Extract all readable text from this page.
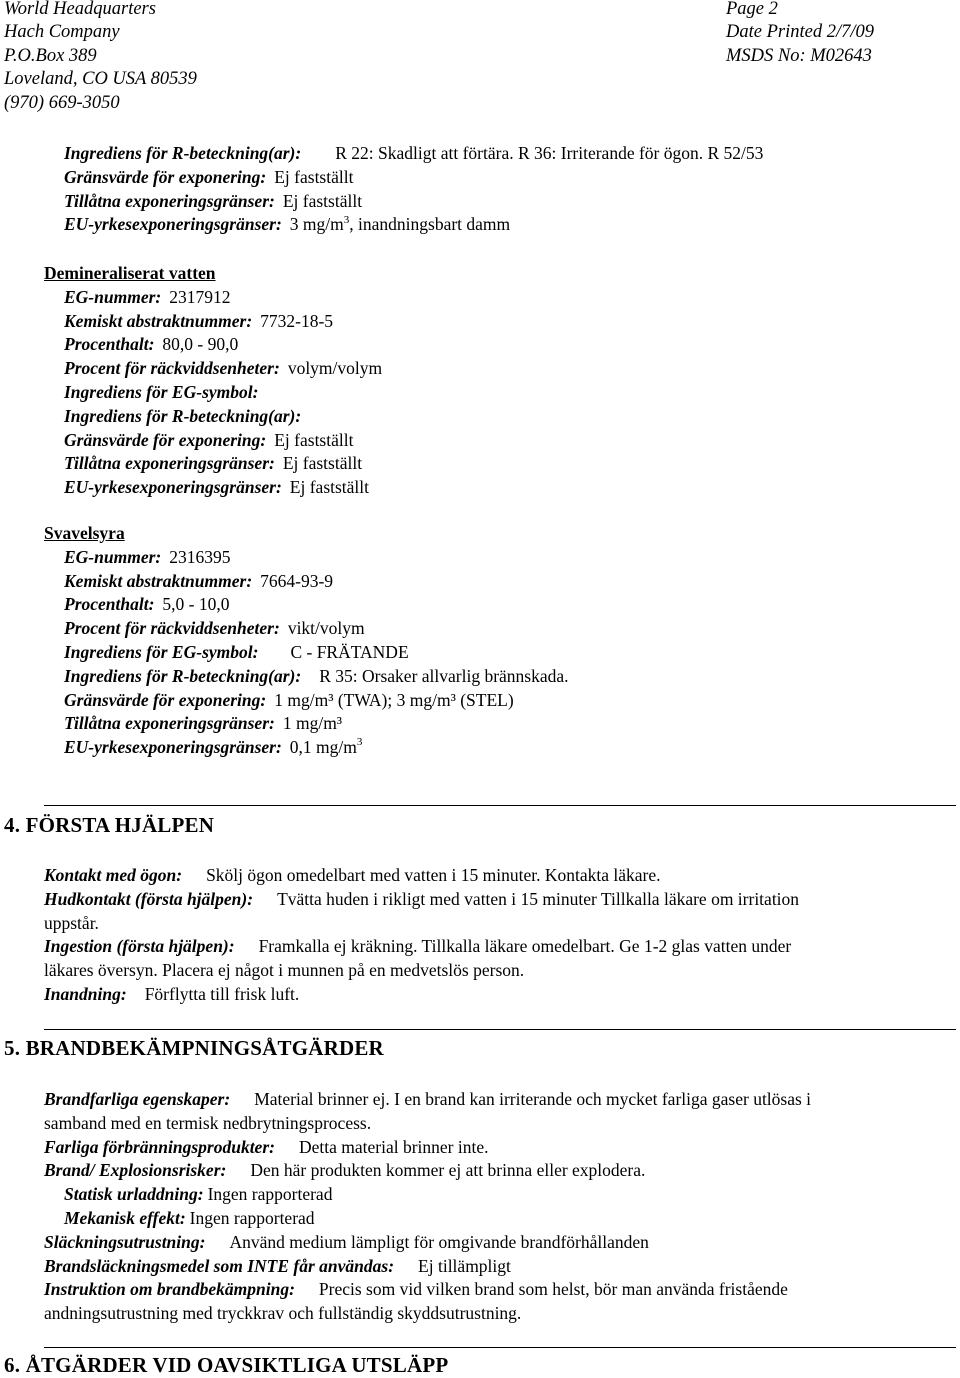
World Headquarters
Hach Company
P.O.Box 389
Loveland, CO USA 80539
(970) 669-3050
Page 2
Date Printed 2/7/09
MSDS No: M02643
Ingrediens för R-beteckning(ar): R 22: Skadligt att förtära. R 36: Irriterande för ögon. R 52/53
Gränsvärde för exponering: Ej fastställt
Tillåtna exponeringsgränser: Ej fastställt
EU-yrkesexponeringsgränser: 3 $mg/m^3$, inandningsbart damm
Demineraliserat vatten
EG-nummer: 2317912
Kemiskt abstraktnummer: 7732-18-5
Procenthalt: 80,0 - 90,0
Procent för räckviddsenheter: volym/volym
Ingrediens för EG-symbol:
Ingrediens för R-beteckning(ar):
Gränsvärde för exponering: Ej fastställt
Tillåtna exponeringsgränser: Ej fastställt
EU-yrkesexponeringsgränser: Ej fastställt
Svavelsyra
EG-nummer: 2316395
Kemiskt abstraktnummer: 7664-93-9
Procenthalt: 5,0 - 10,0
Procent för räckviddsenheter: vikt/volym
Ingrediens för EG-symbol: C - FRÄTANDE
Ingrediens för R-beteckning(ar): R 35: Orsaker allvarlig brännskada.
Gränsvärde för exponering: 1 mg/m³ (TWA); 3 mg/m³ (STEL)
Tillåtna exponeringsgränser: 1 mg/m³
EU-yrkesexponeringsgränser: 0,1 $mg/m^3$
4. FÖRSTA HJÄLPEN
Kontakt med ögon: Skölj ögon omedelbart med vatten i 15 minuter. Kontakta läkare.
Hudkontakt (första hjälpen): Tvätta huden i rikligt med vatten i 15 minuter Tillkalla läkare om irritation
uppstår.
Ingestion (första hjälpen): Framkalla ej kräkning. Tillkalla läkare omedelbart. Ge 1-2 glas vatten under
läkares översyn. Placera ej något i munnen på en medvetslös person.
Inandning: Förflytta till frisk luft.
5. BRANDBEKÄMPNINGSÅTGÄRDER
Brandfarliga egenskaper: Material brinner ej. I en brand kan irriterande och mycket farliga gaser utlösas i
samband med en termisk nedbrytningsprocess.
Farliga förbränningsprodukter: Detta material brinner inte.
Brand/ Explosionsrisker: Den här produkten kommer ej att brinna eller explodera.
Statisk urladdning: Ingen rapporterad
Mekanisk effekt: Ingen rapporterad
Släckningsutrustning: Använd medium lämpligt för omgivande brandförhållanden
Brandsläckningsmedel som INTE får användas: Ej tillämpligt
Instruktion om brandbekämpning: Precis som vid vilken brand som helst, bör man använda fristående
andningsutrustning med tryckkrav och fullständig skyddsutrustning.
6. ÅTGÄRDER VID OAVSIKTLIGA UTSLÄPP
